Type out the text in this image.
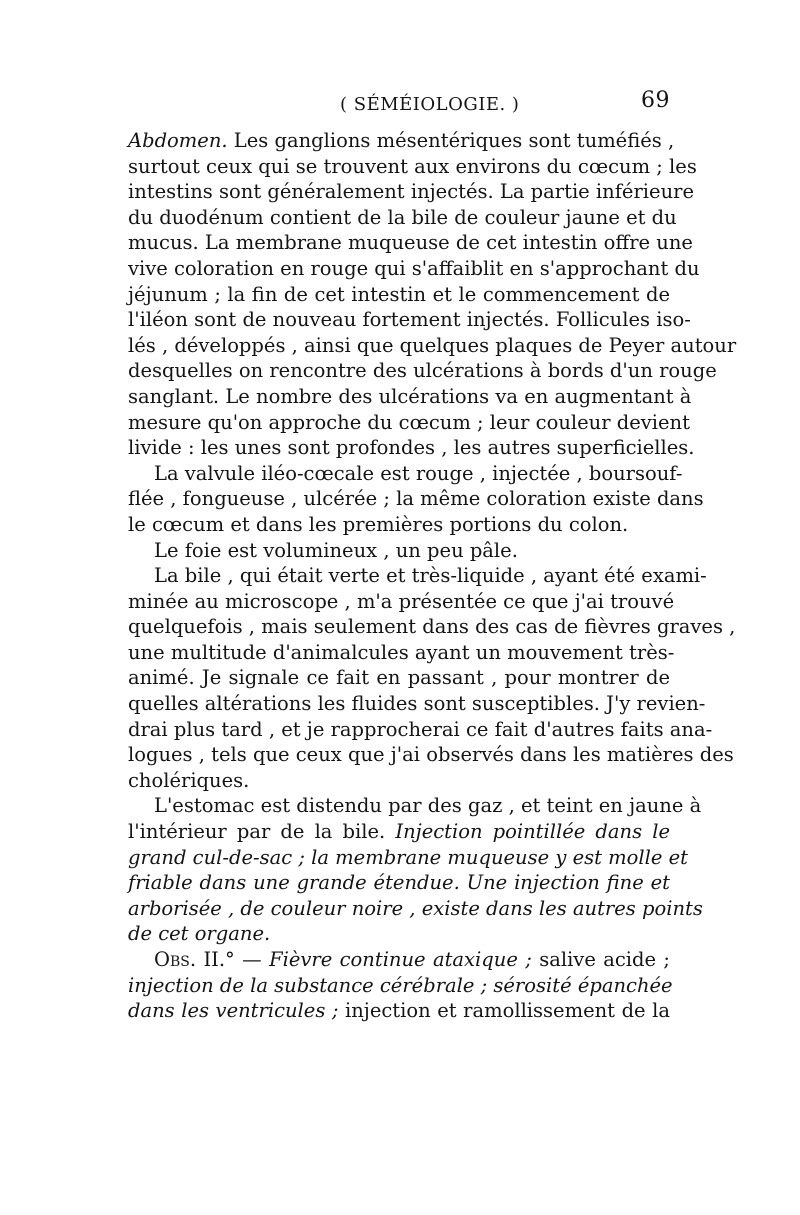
( SÉMÉIOLOGIE. )	69
Abdomen. Les ganglions mésentériques sont tuméfiés ,
surtout ceux qui se trouvent aux environs du cœcum ; les
intestins sont généralement injectés. La partie inférieure
du duodénum contient de la bile de couleur jaune et du
mucus. La membrane muqueuse de cet intestin offre une
vive coloration en rouge qui s'affaiblit en s'approchant du
jéjunum ; la fin de cet intestin et le commencement de
l'iléon sont de nouveau fortement injectés. Follicules iso-
lés , développés , ainsi que quelques plaques de Peyer autour
desquelles on rencontre des ulcérations à bords d'un rouge
sanglant. Le nombre des ulcérations va en augmentant à
mesure qu'on approche du cœcum ; leur couleur devient
livide : les unes sont profondes , les autres superficielles.
La valvule iléo-cœcale est rouge , injectée , boursouf-
flée , fongueuse , ulcérée ; la même coloration existe dans
le cœcum et dans les premières portions du colon.
Le foie est volumineux , un peu pâle.
La bile , qui était verte et très-liquide , ayant été exami-
minée au microscope , m'a présentée ce que j'ai trouvé
quelquefois , mais seulement dans des cas de fièvres graves ,
une multitude d'animalcules ayant un mouvement très-
animé. Je signale ce fait en passant , pour montrer de
quelles altérations les fluides sont susceptibles. J'y revien-
drai plus tard , et je rapprocherai ce fait d'autres faits ana-
logues , tels que ceux que j'ai observés dans les matières des
cholériques.
L'estomac est distendu par des gaz , et teint en jaune à
l'intérieur par de la bile. Injection pointillée dans le
grand cul-de-sac ; la membrane muqueuse y est molle et
friable dans une grande étendue. Une injection fine et
arborisée , de couleur noire , existe dans les autres points
de cet organe.
Obs. II.° — Fièvre continue ataxique ; salive acide ;
injection de la substance cérébrale ; sérosité épanchée
dans les ventricules ; injection et ramollissement de la
